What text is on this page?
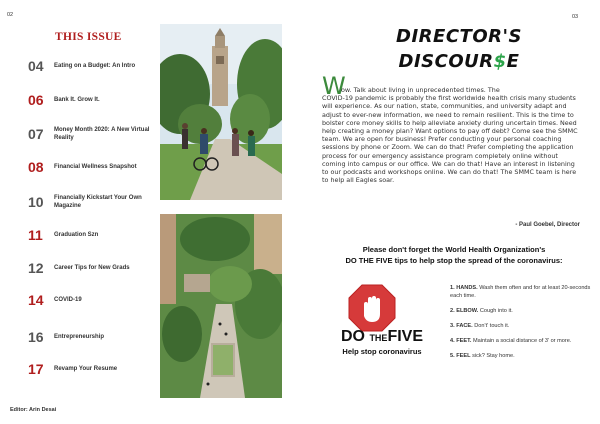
02
THIS ISSUE
04	Eating on a Budget: An Intro
06	Bank It. Grow It.
07	Money Month 2020: A New Virtual Reality
08	Financial Wellness Snapshot
10	Financially Kickstart Your Own Magazine
11	Graduation Szn
12	Career Tips for New Grads
14	COVID-19
16	Entrepreneurship
17	Revamp Your Resume
Editor: Arin Desai
03
DIRECTOR'S
DISCOUR$E
W
ow. Talk about living in unprecedented times. The
COVID-19 pandemic is probably the first worldwide health crisis many students will experience. As our nation, state, communities, and university adapt and adjust to ever-new information, we need to remain resilient. This is the time to bolster core money skills to help alleviate anxiety during uncertain times. Need help creating a money plan? Want options to pay off debt? Come see the SMMC team. We are open for business! Prefer conducting your personal coaching sessions by phone or Zoom. We can do that! Prefer completing the application process for our emergency assistance program completely online without coming into campus or our office. We can do that! Have an interest in listening to our podcasts and workshops online. We can do that! The SMMC team is here to help all Eagles soar.
- Paul Goebel, Director
Please don't forget the World Health Organization's
DO THE FIVE tips to help stop the spread of the coronavirus:
DO THEFIVE
Help stop coronavirus
1. HANDS. Wash them often and for at least 20-seconds each time.
2. ELBOW. Cough into it.
3. FACE. Don't' touch it.
4. FEET. Maintain a social distance of 3' or more.
5. FEEL sick? Stay home.
